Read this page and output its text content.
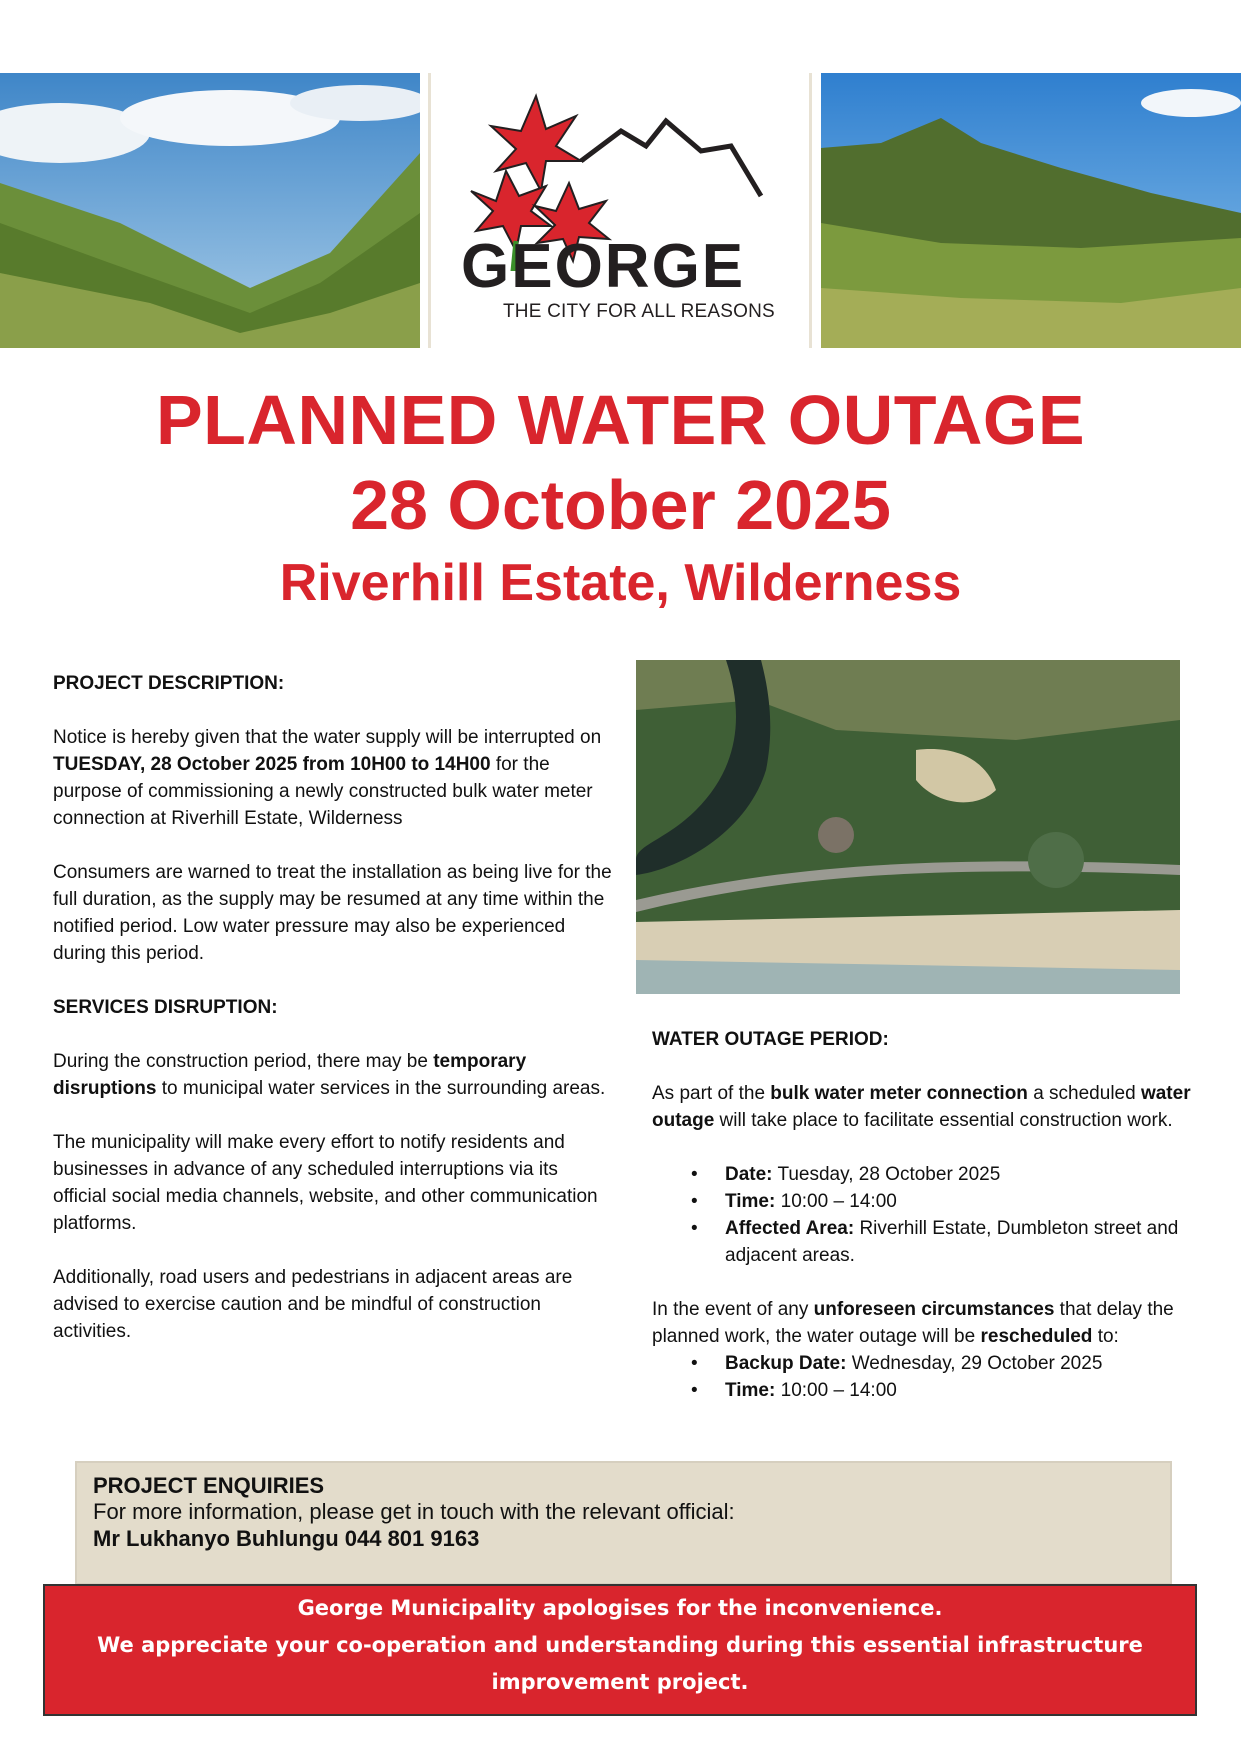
GEORGE
THE CITY FOR ALL REASONS
PLANNED WATER OUTAGE
28 October 2025
Riverhill Estate, Wilderness

PROJECT DESCRIPTION:

Notice is hereby given that the water supply will be interrupted on TUESDAY, 28 October 2025 from 10H00 to 14H00 for the purpose of commissioning a newly constructed bulk water meter connection at Riverhill Estate, Wilderness

Consumers are warned to treat the installation as being live for the full duration, as the supply may be resumed at any time within the notified period. Low water pressure may also be experienced during this period.

SERVICES DISRUPTION:

During the construction period, there may be temporary disruptions to municipal water services in the surrounding areas.

The municipality will make every effort to notify residents and businesses in advance of any scheduled interruptions via its official social media channels, website, and other communication platforms.

Additionally, road users and pedestrians in adjacent areas are advised to exercise caution and be mindful of construction activities.

WATER OUTAGE PERIOD:

As part of the bulk water meter connection a scheduled water outage will take place to facilitate essential construction work.

• Date: Tuesday, 28 October 2025
• Time: 10:00 – 14:00
• Affected Area: Riverhill Estate, Dumbleton street and adjacent areas.

In the event of any unforeseen circumstances that delay the planned work, the water outage will be rescheduled to:

• Backup Date: Wednesday, 29 October 2025
• Time: 10:00 – 14:00
PROJECT ENQUIRIES
For more information, please get in touch with the relevant official:
Mr Lukhanyo Buhlungu 044 801 9163

George Municipality apologises for the inconvenience.

We appreciate your co-operation and understanding during this essential infrastructure improvement project.
